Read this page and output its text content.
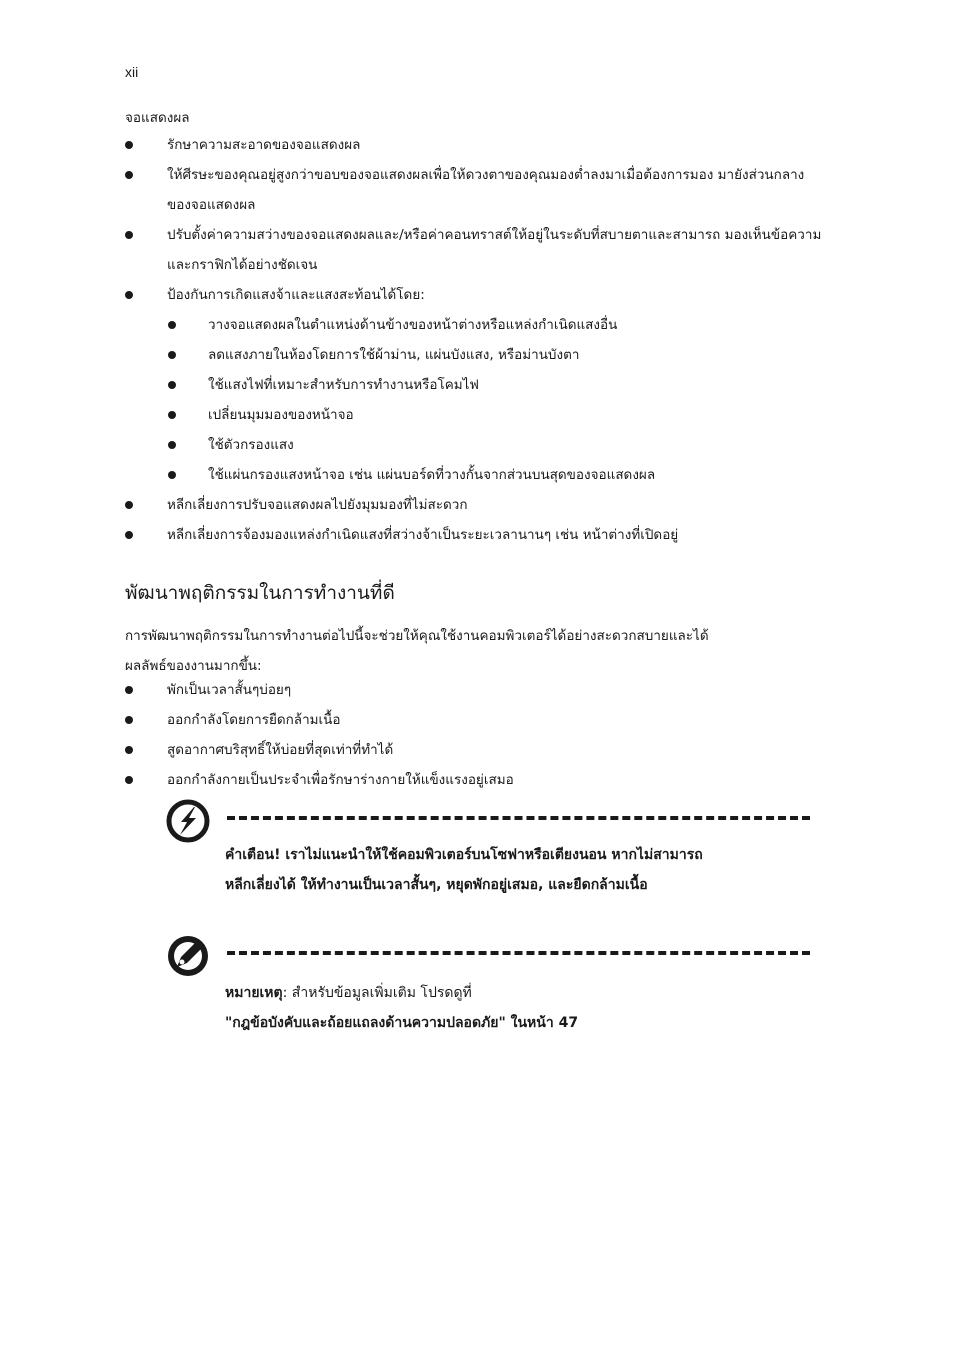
xii
จอแสดงผล
รักษาความสะอาดของจอแสดงผล
ให้ศีรษะของคุณอยู่สูงกว่าขอบของจอแสดงผลเพื่อให้ดวงตาของคุณมองต่ำลงมาเมื่อต้องการมอง มายังส่วนกลางของจอแสดงผล
ปรับตั้งค่าความสว่างของจอแสดงผลและ/หรือค่าคอนทราสต์ให้อยู่ในระดับที่สบายตาและสามารถ มองเห็นข้อความและกราฟิกได้อย่างชัดเจน
ป้องกันการเกิดแสงจ้าและแสงสะท้อนได้โดย:
วางจอแสดงผลในตำแหน่งด้านข้างของหน้าต่างหรือแหล่งกำเนิดแสงอื่น
ลดแสงภายในห้องโดยการใช้ผ้าม่าน, แผ่นบังแสง, หรือม่านบังตา
ใช้แสงไฟที่เหมาะสำหรับการทำงานหรือโคมไฟ
เปลี่ยนมุมมองของหน้าจอ
ใช้ตัวกรองแสง
ใช้แผ่นกรองแสงหน้าจอ เช่น แผ่นบอร์ดที่วางกั้นจากส่วนบนสุดของจอแสดงผล
หลีกเลี่ยงการปรับจอแสดงผลไปยังมุมมองที่ไม่สะดวก
หลีกเลี่ยงการจ้องมองแหล่งกำเนิดแสงที่สว่างจ้าเป็นระยะเวลานานๆ เช่น หน้าต่างที่เปิดอยู่
พัฒนาพฤติกรรมในการทำงานที่ดี
การพัฒนาพฤติกรรมในการทำงานต่อไปนี้จะช่วยให้คุณใช้งานคอมพิวเตอร์ได้อย่างสะดวกสบายและได้
ผลลัพธ์ของงานมากขึ้น:
พักเป็นเวลาสั้นๆบ่อยๆ
ออกกำลังโดยการยืดกล้ามเนื้อ
สูดอากาศบริสุทธิ์ให้บ่อยที่สุดเท่าที่ทำได้
ออกกำลังกายเป็นประจำเพื่อรักษาร่างกายให้แข็งแรงอยู่เสมอ
คำเตือน! เราไม่แนะนำให้ใช้คอมพิวเตอร์บนโซฟาหรือเตียงนอน หากไม่สามารถ
หลีกเลี่ยงได้ ให้ทำงานเป็นเวลาสั้นๆ, หยุดพักอยู่เสมอ, และยืดกล้ามเนื้อ
หมายเหตุ: สำหรับข้อมูลเพิ่มเติม โปรดดูที่
"กฎข้อบังคับและถ้อยแถลงด้านความปลอดภัย" ในหน้า 47
